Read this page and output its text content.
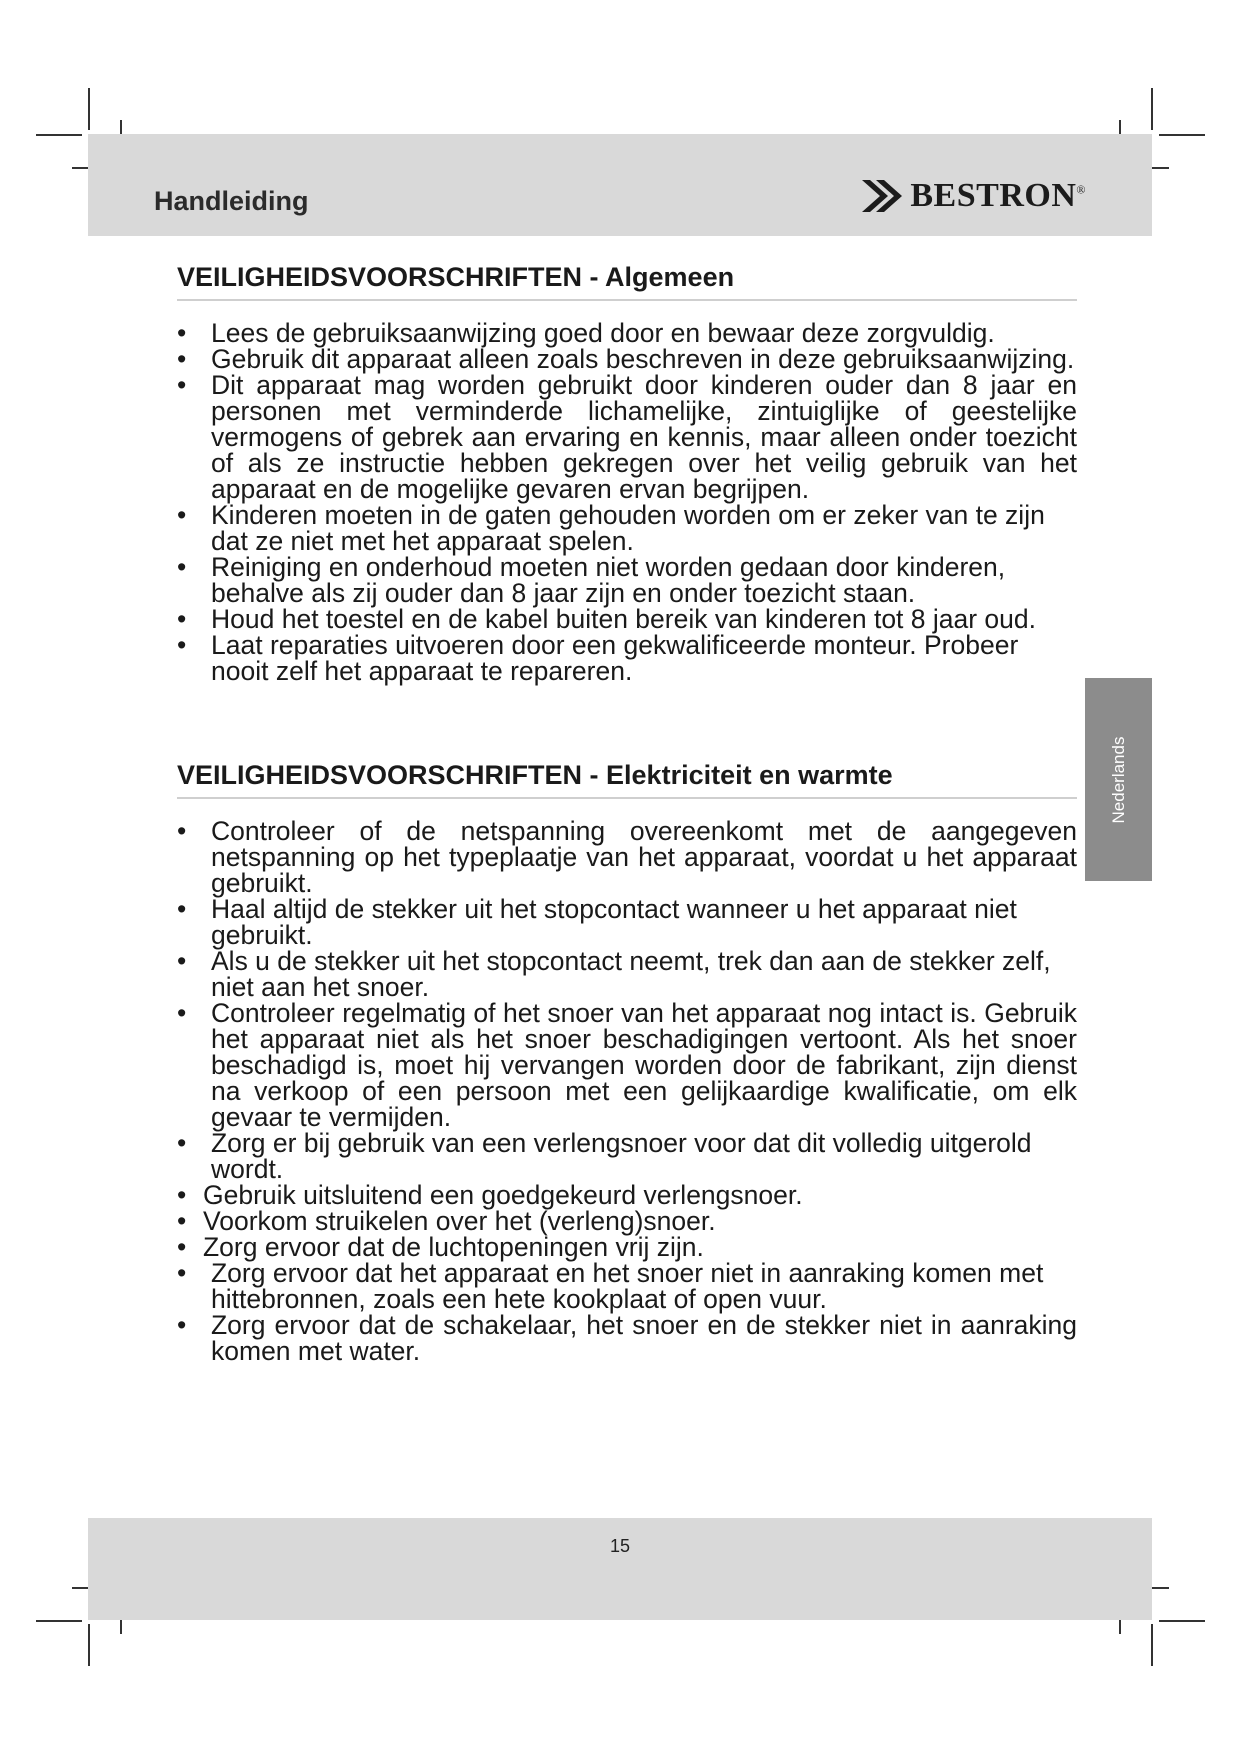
Handleiding	BESTRON®
VEILIGHEIDSVOORSCHRIFTEN - Algemeen
• Lees de gebruiksaanwijzing goed door en bewaar deze zorgvuldig.
• Gebruik dit apparaat alleen zoals beschreven in deze gebruiksaanwijzing.
• Dit apparaat mag worden gebruikt door kinderen ouder dan 8 jaar en personen met verminderde lichamelijke, zintuiglijke of geestelijke vermogens of gebrek aan ervaring en kennis, maar alleen onder toezicht of als ze instructie hebben gekregen over het veilig gebruik van het apparaat en de mogelijke gevaren ervan begrijpen.
• Kinderen moeten in de gaten gehouden worden om er zeker van te zijn dat ze niet met het apparaat spelen.
• Reiniging en onderhoud moeten niet worden gedaan door kinderen, behalve als zij ouder dan 8 jaar zijn en onder toezicht staan.
• Houd het toestel en de kabel buiten bereik van kinderen tot 8 jaar oud.
• Laat reparaties uitvoeren door een gekwalificeerde monteur. Probeer nooit zelf het apparaat te repareren.
VEILIGHEIDSVOORSCHRIFTEN - Elektriciteit en warmte
• Controleer of de netspanning overeenkomt met de aangegeven netspanning op het typeplaatje van het apparaat, voordat u het apparaat gebruikt.
• Haal altijd de stekker uit het stopcontact wanneer u het apparaat niet gebruikt.
• Als u de stekker uit het stopcontact neemt, trek dan aan de stekker zelf, niet aan het snoer.
• Controleer regelmatig of het snoer van het apparaat nog intact is. Gebruik het apparaat niet als het snoer beschadigingen vertoont. Als het snoer beschadigd is, moet hij vervangen worden door de fabrikant, zijn dienst na verkoop of een persoon met een gelijkaardige kwalificatie, om elk gevaar te vermijden.
• Zorg er bij gebruik van een verlengsnoer voor dat dit volledig uitgerold wordt.
• Gebruik uitsluitend een goedgekeurd verlengsnoer.
• Voorkom struikelen over het (verleng)snoer.
• Zorg ervoor dat de luchtopeningen vrij zijn.
• Zorg ervoor dat het apparaat en het snoer niet in aanraking komen met hittebronnen, zoals een hete kookplaat of open vuur.
• Zorg ervoor dat de schakelaar, het snoer en de stekker niet in aanraking komen met water.
Nederlands
15
